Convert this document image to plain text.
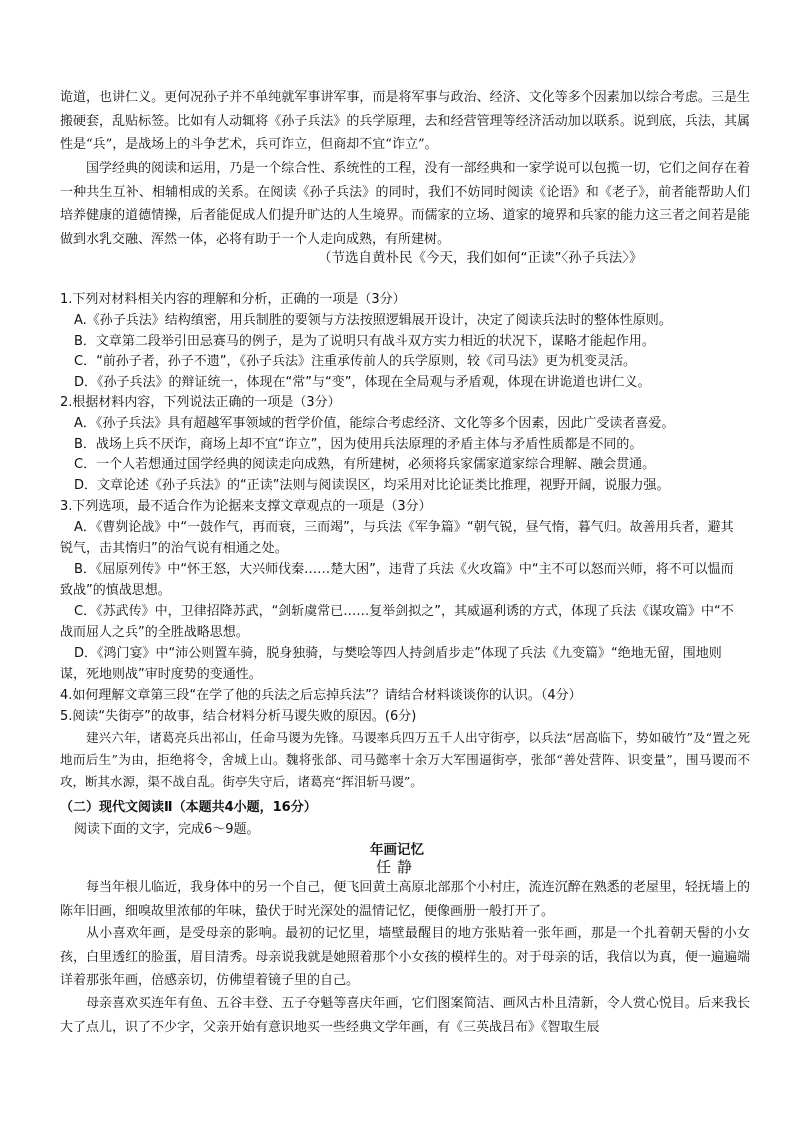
诡道，也讲仁义。更何况孙子并不单纯就军事讲军事，而是将军事与政治、经济、文化等多个因素加以综合考虑。三是生搬硬套，乱贴标签。比如有人动辄将《孙子兵法》的兵学原理，去和经营管理等经济活动加以联系。说到底，兵法，其属性是“兵”，是战场上的斗争艺术，兵可诈立，但商却不宜“诈立”。

国学经典的阅读和运用，乃是一个综合性、系统性的工程，没有一部经典和一家学说可以包揽一切，它们之间存在着一种共生互补、相辅相成的关系。在阅读《孙子兵法》的同时，我们不妨同时阅读《论语》和《老子》，前者能帮助人们培养健康的道德情操，后者能促成人们提升旷达的人生境界。而儒家的立场、道家的境界和兵家的能力这三者之间若是能做到水乳交融、浑然一体，必将有助于一个人走向成熟，有所建树。

（节选自黄朴民《今天，我们如何“正读”〈孙子兵法〉》

1.下列对材料相关内容的理解和分析，正确的一项是（3分）

A.《孙子兵法》结构缜密，用兵制胜的要领与方法按照逻辑展开设计，决定了阅读兵法时的整体性原则。

B．文章第二段举引田忌赛马的例子，是为了说明只有战斗双方实力相近的状况下，谋略才能起作用。

C．“前孙子者，孙子不遗”，《孙子兵法》注重承传前人的兵学原则，较《司马法》更为机变灵活。

D．《孙子兵法》的辩证统一，体现在“常”与“变”，体现在全局观与矛盾观，体现在讲诡道也讲仁义。

2.根据材料内容，下列说法正确的一项是（3分）

A．《孙子兵法》具有超越军事领域的哲学价值，能综合考虑经济、文化等多个因素，因此广受读者喜爱。

B．战场上兵不厌诈，商场上却不宜“诈立”，因为使用兵法原理的矛盾主体与矛盾性质都是不同的。

C．一个人若想通过国学经典的阅读走向成熟，有所建树，必须将兵家儒家道家综合理解、融会贯通。

D．文章论述《孙子兵法》的“正读”法则与阅读误区，均采用对比论证类比推理，视野开阔，说服力强。

3.下列选项，最不适合作为论据来支撑文章观点的一项是（3分）

A．《曹刿论战》中“一鼓作气，再而衰，三而竭”，与兵法《军争篇》“朝气锐，昼气惰，暮气归。故善用兵者，避其锐气，击其惰归”的治气说有相通之处。

B．《屈原列传》中“怀王怒，大兴师伐秦……楚大困”，违背了兵法《火攻篇》中“主不可以怒而兴师，将不可以愠而致战”的慎战思想。

C．《苏武传》中，卫律招降苏武，“剑斩虞常已……复举剑拟之”，其威逼利诱的方式，体现了兵法《谋攻篇》中“不战而屈人之兵”的全胜战略思想。

D．《鸿门宴》中“沛公则置车骑，脱身独骑，与樊哙等四人持剑盾步走”体现了兵法《九变篇》“绝地无留，围地则谋，死地则战”审时度势的变通性。

4.如何理解文章第三段“在学了他的兵法之后忘掉兵法”？请结合材料谈谈你的认识。（4分）

5.阅读“失街亭”的故事，结合材料分析马谡失败的原因。(6分)

建兴六年，诸葛亮兵出祁山，任命马谡为先锋。马谡率兵四万五千人出守街亭，以兵法“居高临下，势如破竹”及“置之死地而后生”为由，拒绝将令，舍城上山。魏将张郃、司马懿率十余万大军围逼街亭，张郃“善处营阵、识变量”，围马谡而不攻，断其水源，渠不战自乱。街亭失守后，诸葛亮“挥泪斩马谡”。

（二）现代文阅读Ⅱ（本题共4小题，16分）

阅读下面的文字，完成6～9题。

年画记忆

任静

每当年根儿临近，我身体中的另一个自己，便飞回黄土高原北部那个小村庄，流连沉醉在熟悉的老屋里，轻抚墙上的陈年旧画，细嗅故里浓郁的年味，蛰伏于时光深处的温情记忆，便像画册一般打开了。

从小喜欢年画，是受母亲的影响。最初的记忆里，墙壁最醒目的地方张贴着一张年画，那是一个扎着朝天髻的小女孩，白里透红的脸蛋，眉目清秀。母亲说我就是她照着那个小女孩的模样生的。对于母亲的话，我信以为真，便一遍遍端详着那张年画，倍感亲切，仿佛望着镜子里的自己。

母亲喜欢买连年有鱼、五谷丰登、五子夺魁等喜庆年画，它们图案简洁、画风古朴且清新，令人赏心悦目。后来我长大了点儿，识了不少字，父亲开始有意识地买一些经典文学年画，有《三英战吕布》《智取生辰
